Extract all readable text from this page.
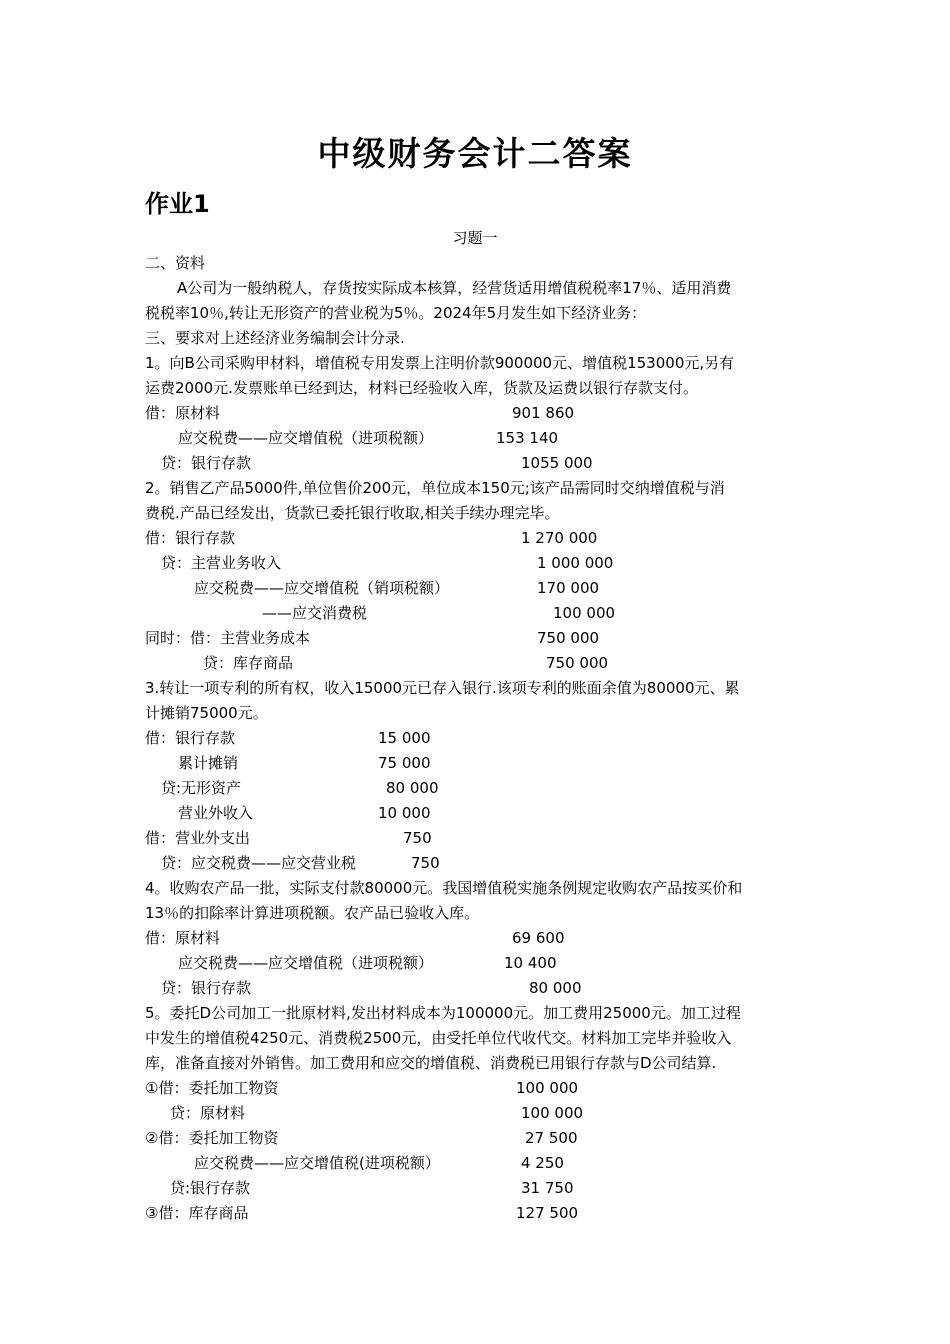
中级财务会计二答案
作业1
习题一
二、资料
A公司为一般纳税人，存货按实际成本核算，经营货适用增值税税率17％、适用消费
税税率10％,转让无形资产的营业税为5％。2024年5月发生如下经济业务：
三、要求对上述经济业务编制会计分录.
1。向B公司采购甲材料，增值税专用发票上注明价款900000元、增值税153000元,另有
运费2000元.发票账单已经到达，材料已经验收入库，货款及运费以银行存款支付。
借：原材料	901 860
应交税费——应交增值税（进项税额）	153 140
贷：银行存款	1055 000
2。销售乙产品5000件,单位售价200元，单位成本150元;该产品需同时交纳增值税与消
费税.产品已经发出，货款已委托银行收取,相关手续办理完毕。
借：银行存款	1 270 000
贷：主营业务收入	1 000 000
应交税费——应交增值税（销项税额）	170 000
——应交消费税	100 000
同时：借：主营业务成本	750 000
贷：库存商品	750 000
3.转让一项专利的所有权，收入15000元已存入银行.该项专利的账面余值为80000元、累
计摊销75000元。
借：银行存款	15 000
累计摊销	75 000
贷:无形资产	80 000
营业外收入	10 000
借：营业外支出	750
贷：应交税费——应交营业税	750
4。收购农产品一批，实际支付款80000元。我国增值税实施条例规定收购农产品按买价和
13％的扣除率计算进项税额。农产品已验收入库。
借：原材料	69 600
应交税费——应交增值税（进项税额）	10 400
贷：银行存款	80 000
5。委托D公司加工一批原材料,发出材料成本为100000元。加工费用25000元。加工过程
中发生的增值税4250元、消费税2500元，由受托单位代收代交。材料加工完毕并验收入
库，准备直接对外销售。加工费用和应交的增值税、消费税已用银行存款与D公司结算.
①借：委托加工物资	100 000
贷：原材料	100 000
②借：委托加工物资	27 500
应交税费——应交增值税(进项税额）	4 250
贷:银行存款	31 750
③借：库存商品	127 500
